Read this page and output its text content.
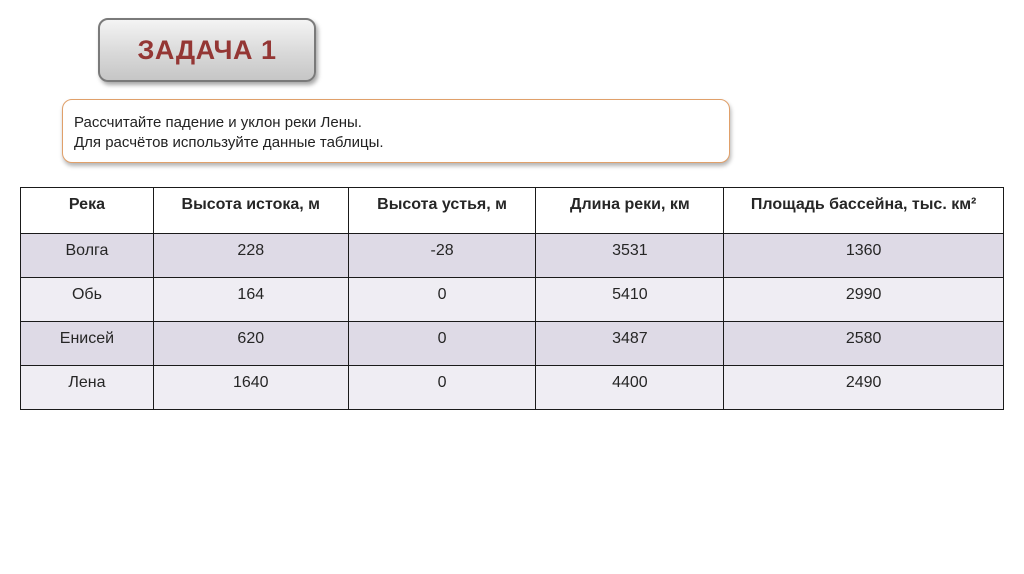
ЗАДАЧА 1
Рассчитайте падение и уклон реки Лены.
Для расчётов используйте данные таблицы.
Река	Высота истока, м	Высота устья, м	Длина реки, км	Площадь бассейна, тыс. км²
Волга	228	-28	3531	1360
Обь	164	0	5410	2990
Енисей	620	0	3487	2580
Лена	1640	0	4400	2490
